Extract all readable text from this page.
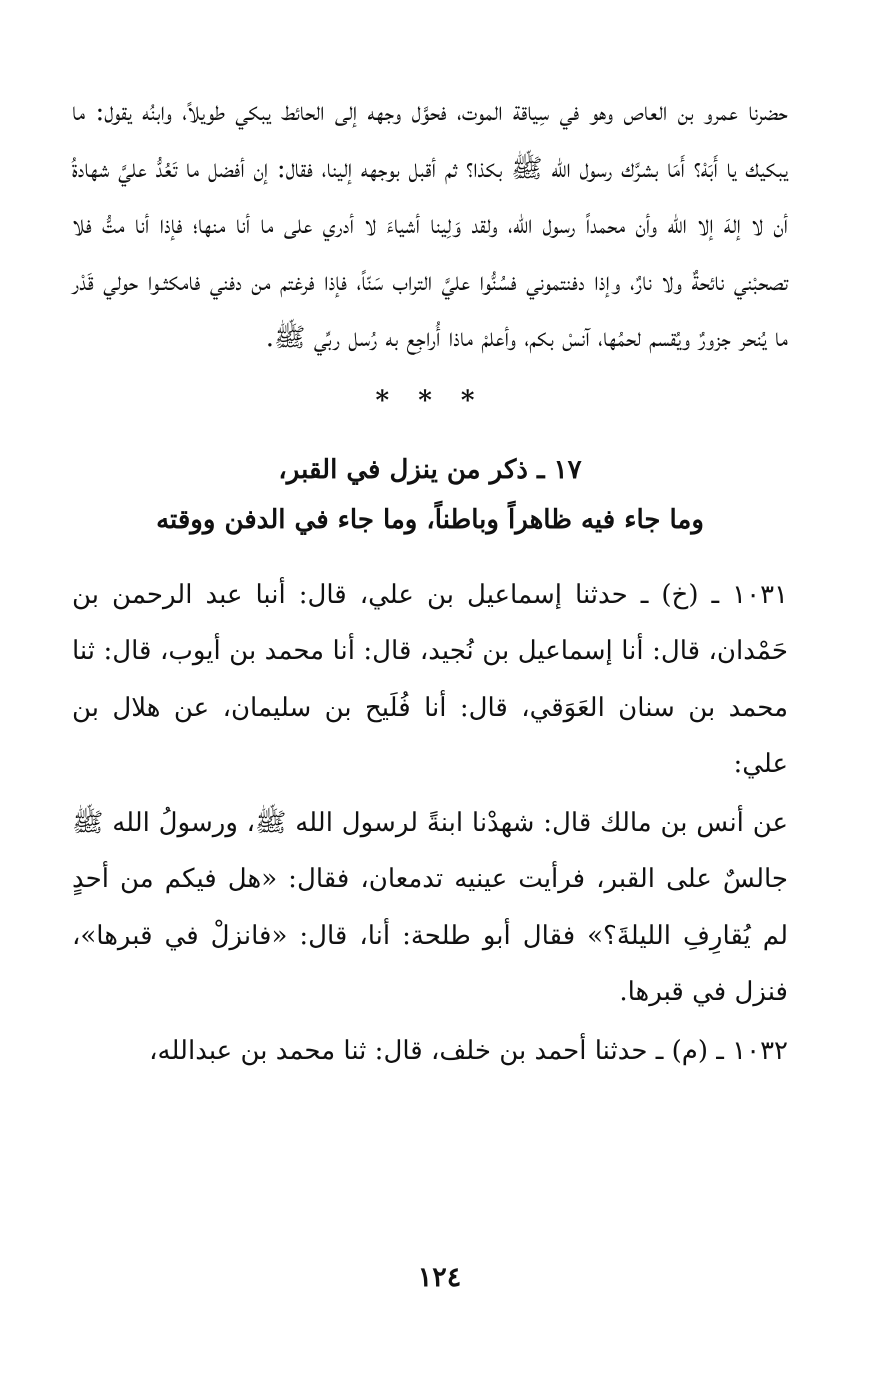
حضرنا عمرو بن العاص وهو في سِياقة الموت، فحوَّل وجهه إلى الحائط يبكي طويلاً، وابنُه يقول: ما يبكيك يا أَبَهْ؟ أَمَا بشرَّك رسول الله ﷺ بكذا؟ ثم أقبل بوجهه إلينا، فقال: إن أفضل ما تَعُدُّ عليَّ شهادةُ أن لا إلهَ إلا الله وأن محمداً رسول الله، ولقد وَلِينا أشياءَ لا أدري على ما أنا منها؛ فإذا أنا متُّ فلا تصحبْني نائحةٌ ولا نارٌ، وإذا دفنتموني فسُنُّوا عليَّ التراب سَنّاً، فإذا فرغتم من دفني فامكثـوا حولي قَدْر ما يُنحر جزورٌ ويُقسم لحمُها، آنسْ بكم، وأعلمْ ماذا أُراجِع به رُسل ربِّي ﷺ.

* * *
١٧ ـ ذكر من ينزل في القبر،
وما جاء فيه ظاهراً وباطناً، وما جاء في الدفن ووقته

١٠٣١ ـ (خ) ـ حدثنا إسماعيل بن علي، قال: أنبا عبد الرحمن بن حَمْدان، قال: أنا إسماعيل بن نُجيد، قال: أنا محمد بن أيوب، قال: ثنا محمد بن سنان العَوَقي، قال: أنا فُلَيح بن سليمان، عن هلال بن علي:

عن أنس بن مالك قال: شهدْنا ابنةً لرسول الله ﷺ، ورسولُ الله ﷺ جالسٌ على القبر، فرأيت عينيه تدمعان، فقال: «هل فيكم من أحدٍ لم يُقارِفِ الليلةَ؟» فقال أبو طلحة: أنا، قال: «فانزلْ في قبرها»، فنزل في قبرها.

١٠٣٢ ـ (م) ـ حدثنا أحمد بن خلف، قال: ثنا محمد بن عبدالله،

١٢٤
